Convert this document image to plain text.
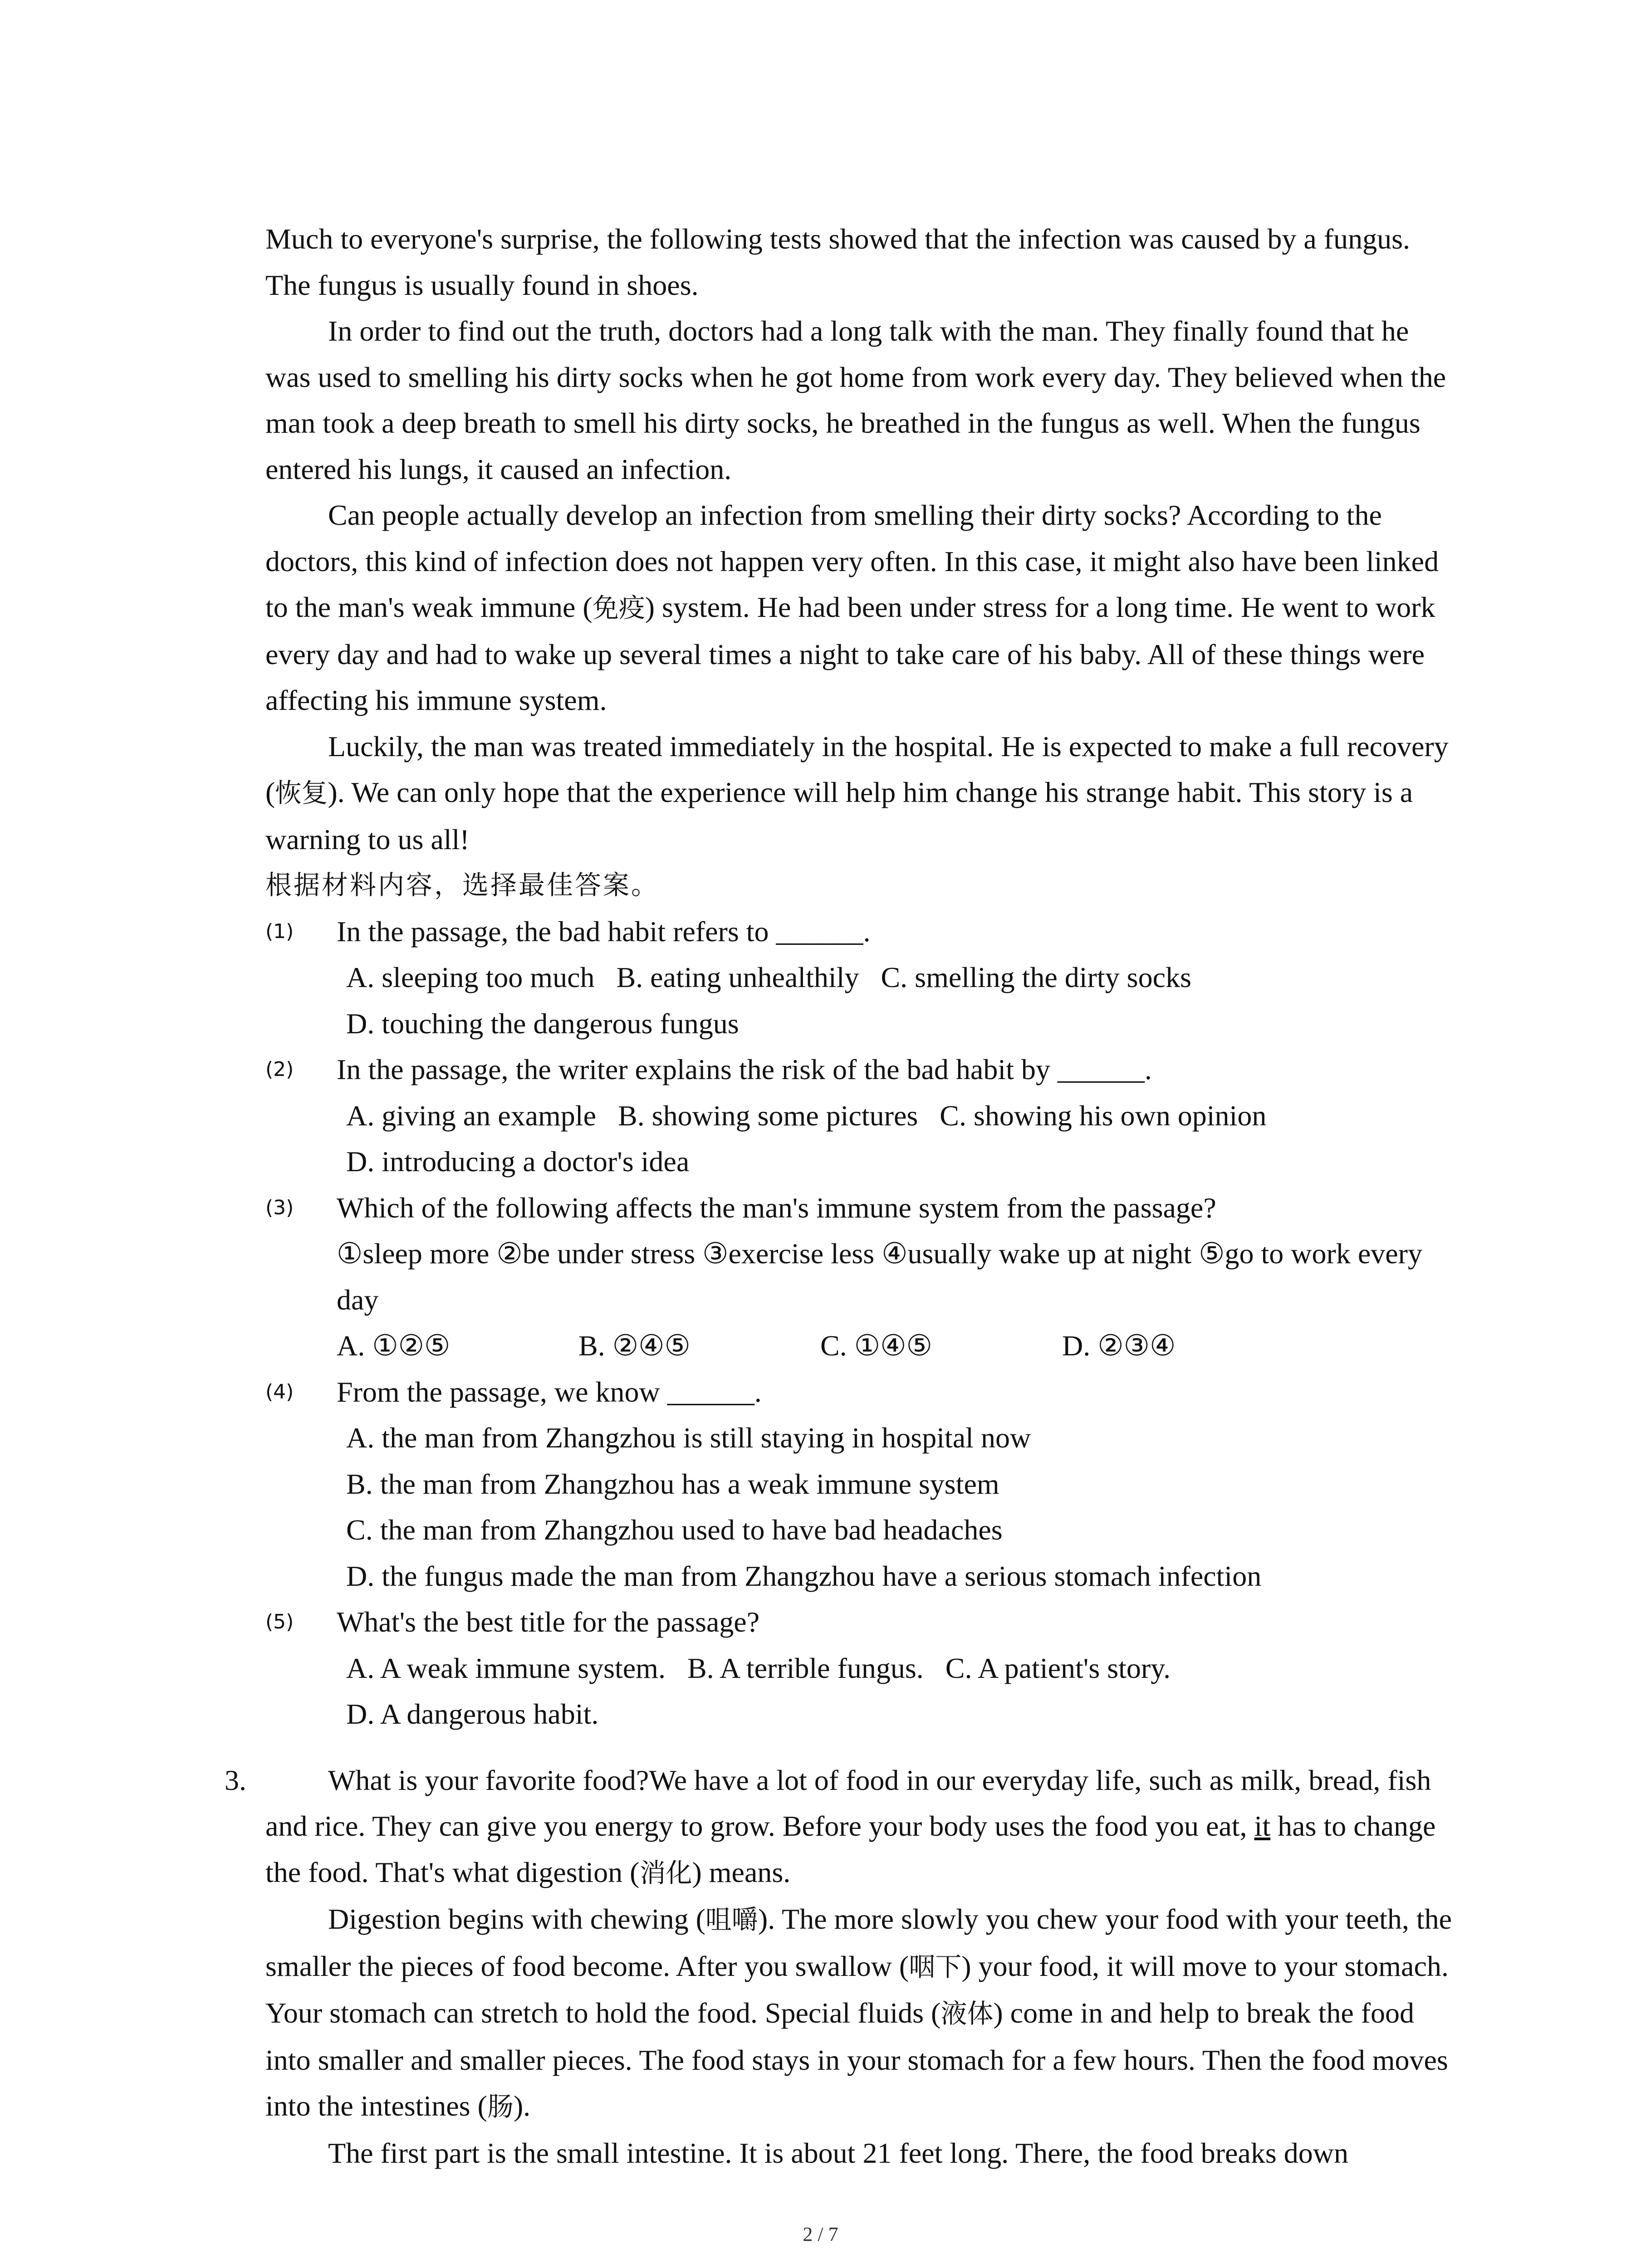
Much to everyone's surprise, the following tests showed that the infection was caused by a fungus. The fungus is usually found in shoes.

In order to find out the truth, doctors had a long talk with the man. They finally found that he was used to smelling his dirty socks when he got home from work every day. They believed when the man took a deep breath to smell his dirty socks, he breathed in the fungus as well. When the fungus entered his lungs, it caused an infection.

Can people actually develop an infection from smelling their dirty socks? According to the doctors, this kind of infection does not happen very often. In this case, it might also have been linked to the man's weak immune (免疫) system. He had been under stress for a long time. He went to work every day and had to wake up several times a night to take care of his baby. All of these things were affecting his immune system.

Luckily, the man was treated immediately in the hospital. He is expected to make a full recovery (恢复). We can only hope that the experience will help him change his strange habit. This story is a warning to us all!

根据材料内容，选择最佳答案。

(1) In the passage, the bad habit refers to ______.

A. sleeping too much   B. eating unhealthily   C. smelling the dirty socks

D. touching the dangerous fungus

(2) In the passage, the writer explains the risk of the bad habit by ______.

A. giving an example   B. showing some pictures   C. showing his own opinion

D. introducing a doctor's idea

(3) Which of the following affects the man's immune system from the passage?

①sleep more ②be under stress ③exercise less ④usually wake up at night ⑤go to work every day

A. ①②⑤	B. ②④⑤	C. ①④⑤	D. ②③④
(4) From the passage, we know ______.

A. the man from Zhangzhou is still staying in hospital now

B. the man from Zhangzhou has a weak immune system

C. the man from Zhangzhou used to have bad headaches

D. the fungus made the man from Zhangzhou have a serious stomach infection

(5) What's the best title for the passage?

A. A weak immune system.   B. A terrible fungus.   C. A patient's story.

D. A dangerous habit.

3.	What is your favorite food?We have a lot of food in our everyday life, such as milk, bread, fish and rice. They can give you energy to grow. Before your body uses the food you eat, it has to change the food. That's what digestion (消化) means.

Digestion begins with chewing (咀嚼). The more slowly you chew your food with your teeth, the smaller the pieces of food become. After you swallow (咽下) your food, it will move to your stomach. Your stomach can stretch to hold the food. Special fluids (液体) come in and help to break the food into smaller and smaller pieces. The food stays in your stomach for a few hours. Then the food moves into the intestines (肠).

The first part is the small intestine. It is about 21 feet long. There, the food breaks down

2 / 7
